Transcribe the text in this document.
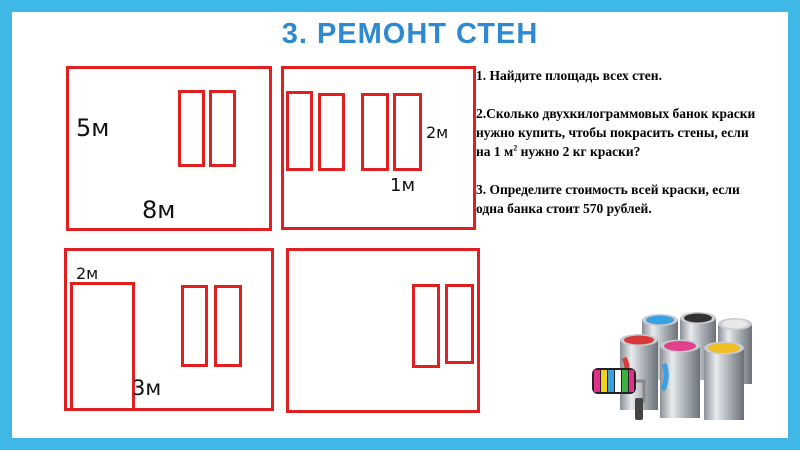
3. РЕМОНТ СТЕН
5м
8м
2м
1м
2м
3м

1. Найдите площадь всех стен.

2.Сколько двухкилограммовых банок краски нужно купить, чтобы покрасить стены, если на 1 $м^2$ нужно 2 кг краски?

3. Определите стоимость всей краски, если одна банка стоит 570 рублей.
